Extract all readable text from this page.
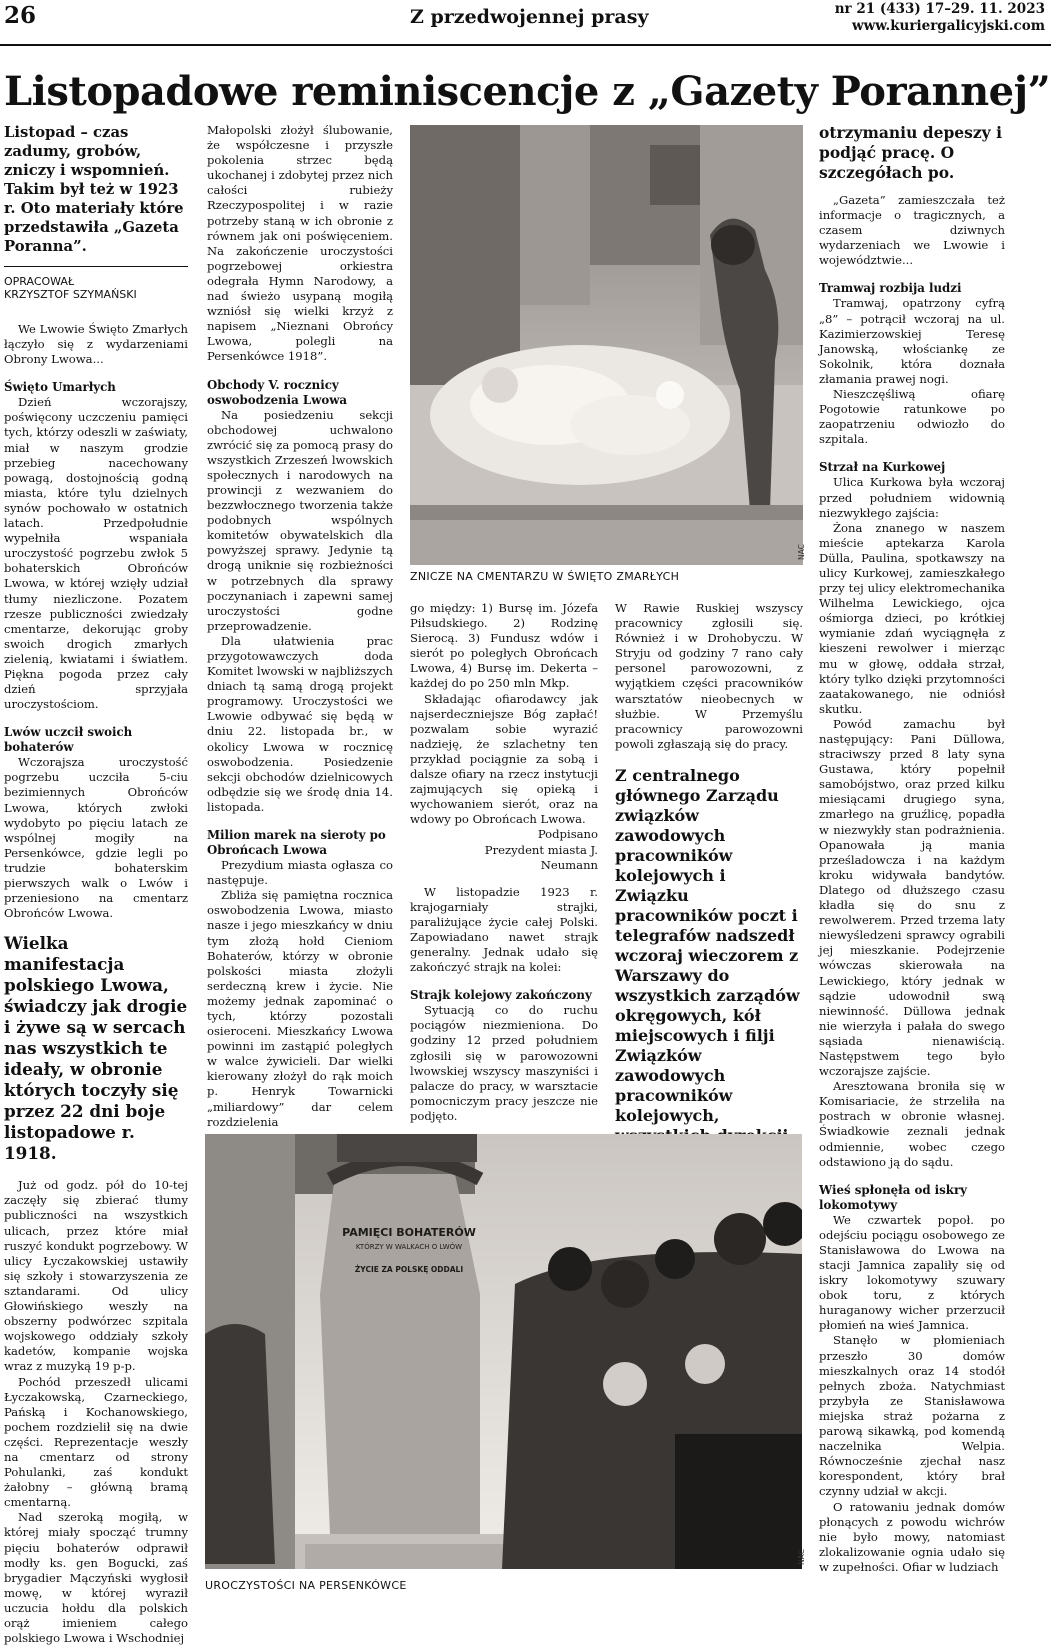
26	Z przedwojennej prasy	nr 21 (433) 17–29. 11. 2023
www.kuriergalicyjski.com
Listopadowe reminiscencje z „Gazety Porannej”
Listopad – czas zadumy, grobów, zniczy i wspomnień. Takim był też w 1923 r. Oto materiały które przedstawiła „Gazeta Poranna”.
OPRACOWAŁ
KRZYSZTOF SZYMAŃSKI

We Lwowie Święto Zmarłych łączyło się z wydarzeniami Obrony Lwowa...

Święto Umarłych

Dzień wczorajszy, poświęcony uczczeniu pamięci tych, którzy odeszli w zaświaty, miał w naszym grodzie przebieg nacechowany powagą, dostojnością godną miasta, które tylu dzielnych synów pochowało w ostatnich latach. Przedpołudnie wypełniła wspaniała uroczystość pogrzebu zwłok 5 bohaterskich Obrońców Lwowa, w której wzięły udział tłumy niezliczone. Pozatem rzesze publiczności zwiedzały cmentarze, dekorując groby swoich drogich zmarłych zielenią, kwiatami i światłem. Piękna pogoda przez cały dzień sprzyjała uroczystościom.

Lwów uczcił swoich bohaterów

Wczorajsza uroczystość pogrzebu uczciła 5-ciu bezimiennych Obrońców Lwowa, których zwłoki wydobyto po pięciu latach ze wspólnej mogiły na Persenkówce, gdzie legli po trudzie bohaterskim pierwszych walk o Lwów i przeniesiono na cmentarz Obrońców Lwowa.

Wielka manifestacja polskiego Lwowa, świadczy jak drogie i żywe są w sercach nas wszystkich te ideały, w obronie których toczyły się przez 22 dni boje listopadowe r. 1918.

Już od godz. pół do 10-tej zaczęły się zbierać tłumy publiczności na wszystkich ulicach, przez które miał ruszyć kondukt pogrzebowy. W ulicy Łyczakowskiej ustawiły się szkoły i stowarzyszenia ze sztandarami. Od ulicy Głowińskiego weszły na obszerny podwórzec szpitala wojskowego oddziały szkoły kadetów, kompanie wojska wraz z muzyką 19 p-p.

Pochód przeszedł ulicami Łyczakowską, Czarneckiego, Pańską i Kochanowskiego, pochem rozdzielił się na dwie części. Reprezentacje weszły na cmentarz od strony Pohulanki, zaś kondukt żałobny – główną bramą cmentarną.

Nad szeroką mogiłą, w której miały spocząć trumny pięciu bohaterów odprawił modły ks. gen Bogucki, zaś brygadier Mączyński wygłosił mowę, w której wyraził uczucia hołdu dla polskich orąż imieniem całego polskiego Lwowa i Wschodniej

Małopolski złożył ślubowanie, że współczesne i przyszłe pokolenia strzec będą ukochanej i zdobytej przez nich całości rubieży Rzeczypospolitej i w razie potrzeby staną w ich obronie z równem jak oni poświęceniem. Na zakończenie uroczystości pogrzebowej orkiestra odegrała Hymn Narodowy, a nad świeżo usypaną mogiłą wzniósł się wielki krzyż z napisem „Nieznani Obrońcy Lwowa, polegli na Persenkówce 1918”.

Obchody V. rocznicy oswobodzenia Lwowa

Na posiedzeniu sekcji obchodowej uchwalono zwrócić się za pomocą prasy do wszystkich Zrzeszeń lwowskich społecznych i narodowych na prowincji z wezwaniem do bezzwłocznego tworzenia także podobnych wspólnych komitetów obywatelskich dla powyższej sprawy. Jedynie tą drogą uniknie się rozbieżności w potrzebnych dla sprawy poczynaniach i zapewni samej uroczystości godne przeprowadzenie.

Dla ułatwienia prac przygotowawczych doda Komitet lwowski w najbliższych dniach tą samą drogą projekt programowy. Uroczystości we Lwowie odbywać się będą w dniu 22. listopada br., w okolicy Lwowa w rocznicę oswobodzenia. Posiedzenie sekcji obchodów dzielnicowych odbędzie się we środę dnia 14. listopada.

Milion marek na sieroty po Obrońcach Lwowa

Prezydium miasta ogłasza co następuje.

Zbliża się pamiętna rocznica oswobodzenia Lwowa, miasto nasze i jego mieszkańcy w dniu tym złożą hołd Cieniom Bohaterów, którzy w obronie polskości miasta złożyli serdeczną krew i życie. Nie możemy jednak zapominać o tych, którzy pozostali osieroceni. Mieszkańcy Lwowa powinni im zastąpić poległych w walce żywicieli. Dar wielki kierowany złożył do rąk moich p. Henryk Towarnicki „miliardowy” dar celem rozdzielenia

NAC
ZNICZE NA CMENTARZU W ŚWIĘTO ZMARŁYCH

go między: 1) Bursę im. Józefa Piłsudskiego. 2) Rodzinę Sierocą. 3) Fundusz wdów i sierót po poległych Obrońcach Lwowa, 4) Bursę im. Dekerta – każdej do po 250 mln Mkp.

Składając ofiarodawcy jak najserdeczniejsze Bóg zapłać! pozwalam sobie wyrazić nadzieję, że szlachetny ten przykład pociągnie za sobą i dalsze ofiary na rzecz instytucji zajmujących się opieką i wychowaniem sierót, oraz na wdowy po Obrońcach Lwowa.

Podpisano

Prezydent miasta J. Neumann

W listopadzie 1923 r. krajogarniały strajki, paraliżujące życie całej Polski. Zapowiadano nawet strajk generalny. Jednak udało się zakończyć strajk na kolei:

Strajk kolejowy zakończony

Sytuacją co do ruchu pociągów niezmieniona. Do godziny 12 przed południem zgłosili się w parowozowni lwowskiej wszyscy maszyniści i palacze do pracy, w warsztacie pomocniczym pracy jeszcze nie podjęto.

W Rawie Ruskiej wszyscy pracownicy zgłosili się. Również i w Drohobyczu. W Stryju od godziny 7 rano cały personel parowozowni, z wyjątkiem części pracowników warsztatów nieobecnych w służbie. W Przemyślu pracownicy parowozowni powoli zgłaszają się do pracy.

Z centralnego głównego Zarządu związków zawodowych pracowników kolejowych i Związku pracowników poczt i telegrafów nadszedł wczoraj wieczorem z Warszawy do wszystkich zarządów okręgowych, kół miejscowych i filji Związków zawodowych pracowników kolejowych,
PAMIĘCI BOHATERÓW
KTÓRZY W WALKACH O LWÓW
ŻYCIE ZA POLSKĘ ODDALI
NAC
UROCZYSTOŚCI NA PERSENKÓWCE
otrzymaniu depeszy i podjąć pracę. O szczegółach po.

„Gazeta” zamieszczała też informacje o tragicznych, a czasem dziwnych wydarzeniach we Lwowie i województwie...

Tramwaj rozbija ludzi

Tramwaj, opatrzony cyfrą „8” – potrącił wczoraj na ul. Kazimierzowskiej Teresę Janowską, włościankę ze Sokolnik, która doznała złamania prawej nogi.

Nieszczęśliwą ofiarę Pogotowie ratunkowe po zaopatrzeniu odwiozło do szpitala.

Strzał na Kurkowej

Ulica Kurkowa była wczoraj przed południem widownią niezwykłego zajścia:

Żona znanego w naszem mieście aptekarza Karola Dülla, Paulina, spotkawszy na ulicy Kurkowej, zamieszkałego przy tej ulicy elektromechanika Wilhelma Lewickiego, ojca ośmiorga dzieci, po krótkiej wymianie zdań wyciągnęła z kieszeni rewolwer i mierząc mu w głowę, oddała strzał, który tylko dzięki przytomności zaatakowanego, nie odniósł skutku.

Powód zamachu był następujący: Pani Düllowa, straciwszy przed 8 laty syna Gustawa, który popełnił samobójstwo, oraz przed kilku miesiącami drugiego syna, zmarłego na gruźlicę, popadła w niezwykły stan podrażnienia. Opanowała ją mania prześladowcza i na każdym kroku widywała bandytów. Dlatego od dłuższego czasu kładła się do snu z rewolwerem. Przed trzema laty niewyśledzeni sprawcy ograbili jej mieszkanie. Podejrzenie wówczas skierowała na Lewickiego, który jednak w sądzie udowodnił swą niewinność. Düllowa jednak nie wierzyła i pałała do swego sąsiada nienawiścią. Następstwem tego było wczorajsze zajście.

Aresztowana broniła się w Komisariacie, że strzeliła na postrach w obronie własnej. Świadkowie zeznali jednak odmiennie, wobec czego odstawiono ją do sądu.

Wieś spłonęła od iskry lokomotywy

We czwartek popoł. po odejściu pociągu osobowego ze Stanisławowa do Lwowa na stacji Jamnica zapaliły się od iskry lokomotywy szuwary obok toru, z których huraganowy wicher przerzucił płomień na wieś Jamnica.

Stanęło w płomieniach przeszło 30 domów mieszkalnych oraz 14 stodół pełnych zboża. Natychmiast przybyła ze Stanisławowa miejska straż pożarna z parową sikawką, pod komendą naczelnika Welpia. Równocześnie zjechał nasz korespondent, który brał czynny udział w akcji.

O ratowaniu jednak domów płonących z powodu wichrów nie było mowy, natomiast zlokalizowanie ognia udało się w zupełności. Ofiar w ludziach
